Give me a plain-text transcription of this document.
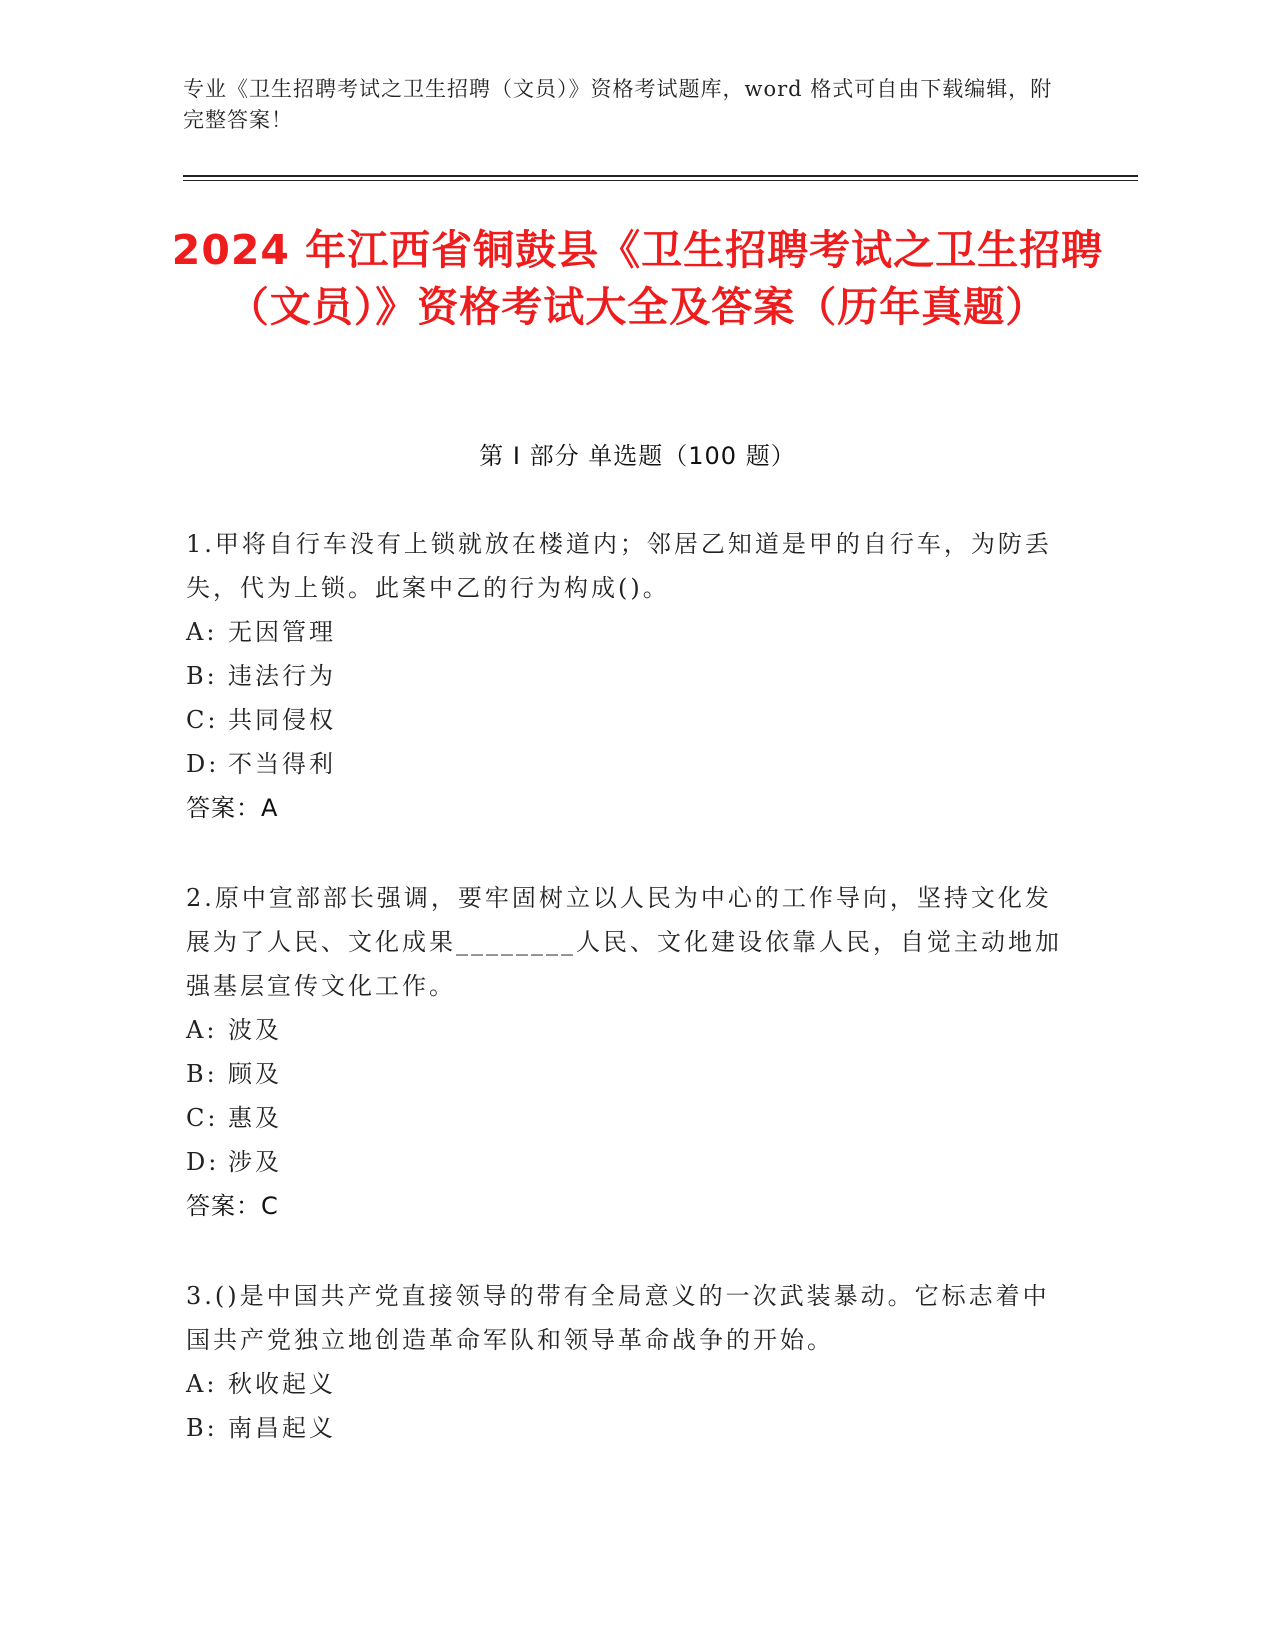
专业《卫生招聘考试之卫生招聘（文员）》资格考试题库，word 格式可自由下载编辑，附完整答案！
2024 年江西省铜鼓县《卫生招聘考试之卫生招聘（文员）》资格考试大全及答案（历年真题）
第 I 部分 单选题（100 题）
1.甲将自行车没有上锁就放在楼道内；邻居乙知道是甲的自行车，为防丢失，代为上锁。此案中乙的行为构成()。
A: 无因管理
B: 违法行为
C: 共同侵权
D: 不当得利
答案：A
2.原中宣部部长强调，要牢固树立以人民为中心的工作导向，坚持文化发展为了人民、文化成果________人民、文化建设依靠人民，自觉主动地加强基层宣传文化工作。
A: 波及
B: 顾及
C: 惠及
D: 涉及
答案：C
3.()是中国共产党直接领导的带有全局意义的一次武装暴动。它标志着中国共产党独立地创造革命军队和领导革命战争的开始。
A: 秋收起义
B: 南昌起义
